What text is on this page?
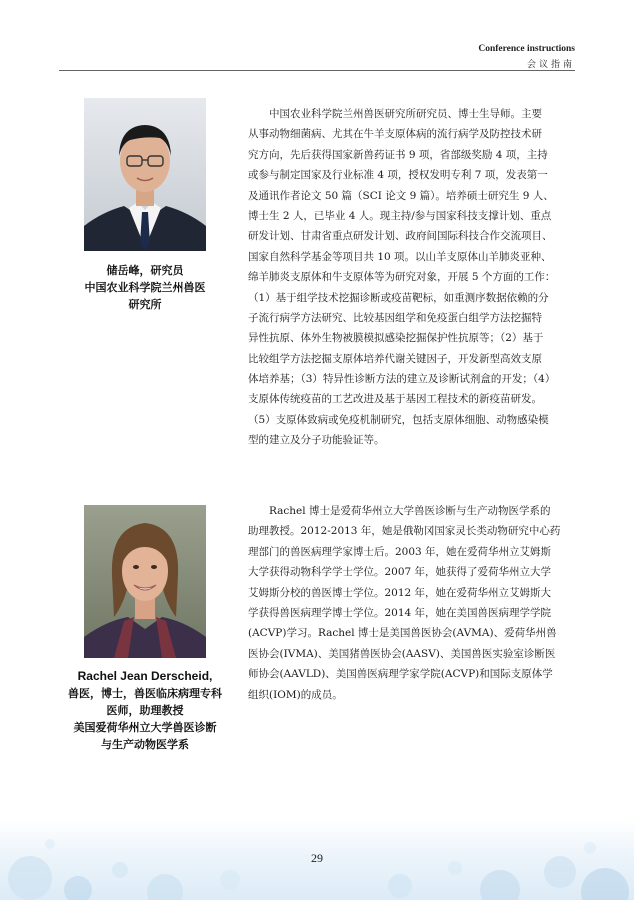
Conference instructions
会议指南
储岳峰，研究员
中国农业科学院兰州兽医
研究所
中国农业科学院兰州兽医研究所研究员、博士生导师。主要
从事动物细菌病、尤其在牛羊支原体病的流行病学及防控技术研
究方向，先后获得国家新兽药证书 9 项，省部级奖励 4 项，主持
或参与制定国家及行业标准 4 项，授权发明专利 7 项，发表第一
及通讯作者论文 50 篇（SCI 论文 9 篇）。培养硕士研究生 9 人、
博士生 2 人，已毕业 4 人。现主持/参与国家科技支撑计划、重点
研发计划、甘肃省重点研发计划、政府间国际科技合作交流项目、
国家自然科学基金等项目共 10 项。以山羊支原体山羊肺炎亚种、
绵羊肺炎支原体和牛支原体等为研究对象，开展 5 个方面的工作：
（1）基于组学技术挖掘诊断或疫苗靶标，如重测序数据依赖的分
子流行病学方法研究、比较基因组学和免疫蛋白组学方法挖掘特
异性抗原、体外生物被膜模拟感染挖掘保护性抗原等；（2）基于
比较组学方法挖掘支原体培养代谢关键因子，开发新型高效支原
体培养基；（3）特异性诊断方法的建立及诊断试剂盒的开发；（4）
支原体传统疫苗的工艺改进及基于基因工程技术的新疫苗研发。
（5）支原体致病或免疫机制研究，包括支原体细胞、动物感染模
型的建立及分子功能验证等。
Rachel Jean Derscheid,
兽医，博士，兽医临床病理专科
医师，助理教授
美国爱荷华州立大学兽医诊断
与生产动物医学系
Rachel 博士是爱荷华州立大学兽医诊断与生产动物医学系的
助理教授。2012-2013 年，她是俄勒冈国家灵长类动物研究中心药
理部门的兽医病理学家博士后。2003 年，她在爱荷华州立艾姆斯
大学获得动物科学学士学位。2007 年，她获得了爱荷华州立大学
艾姆斯分校的兽医博士学位。2012 年，她在爱荷华州立艾姆斯大
学获得兽医病理学博士学位。2014 年，她在美国兽医病理学学院
(ACVP)学习。Rachel 博士是美国兽医协会(AVMA)、爱荷华州兽
医协会(IVMA)、美国猪兽医协会(AASV)、美国兽医实验室诊断医
师协会(AAVLD)、美国兽医病理学家学院(ACVP)和国际支原体学
组织(IOM)的成员。
29
